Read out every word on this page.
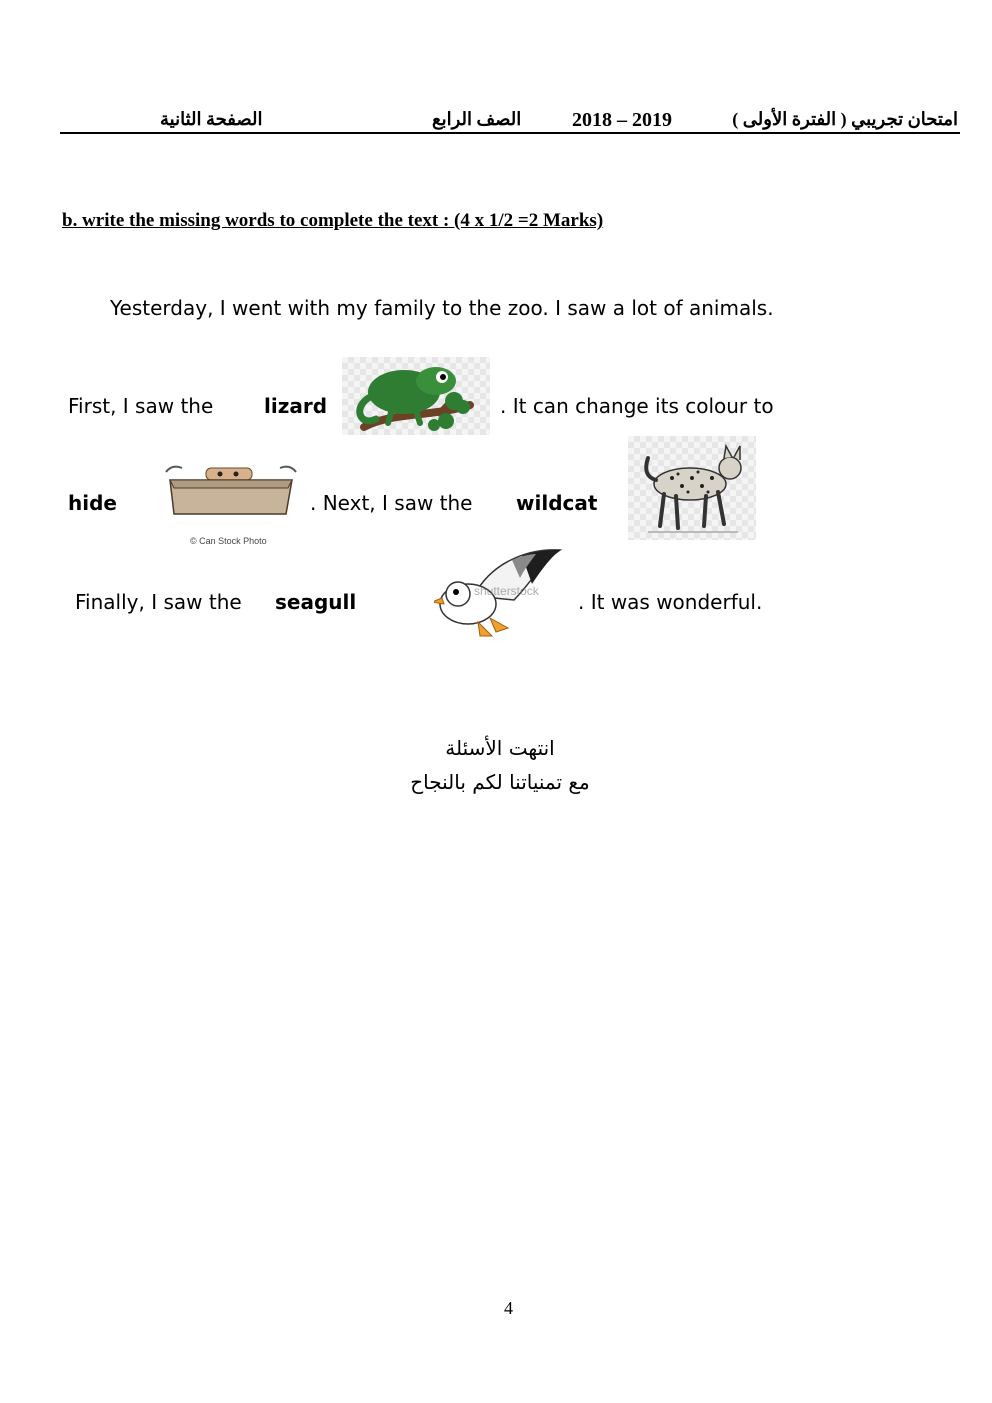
امتحان تجريبي ( الفترة الأولى )
2018 – 2019
الصف الرابع
الصفحة الثانية
b. write the missing words to complete the text : (4 x 1/2 =2 Marks)
Yesterday, I went with my family to the zoo. I saw a lot of animals.
First, I saw the	lizard	. It can change its colour to
hide
© Can Stock Photo
. Next, I saw the wildcat
Finally, I saw the seagull	shutterstock . It was wonderful.
انتهت الأسئلة
مع تمنياتنا لكم بالنجاح
4
